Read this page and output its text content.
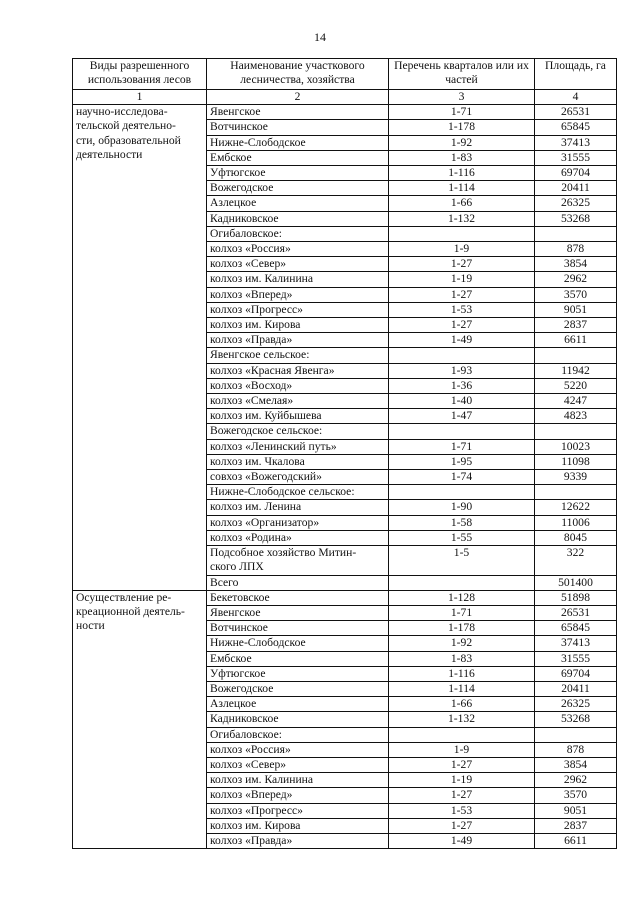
14
Виды разрешенного использования лесов	Наименование участкового лесничества, хозяйства	Перечень кварталов или их частей	Площадь, га
1	2	3	4
научно-исследова-
тельской деятельно-
сти, образовательной
деятельности	Явенгское	1-71	26531
	Вотчинское	1-178	65845
	Нижне-Слободское	1-92	37413
	Ембское	1-83	31555
	Уфтюгское	1-116	69704
	Вожегодское	1-114	20411
	Азлецкое	1-66	26325
	Кадниковское	1-132	53268
	Огибаловское:		
	колхоз «Россия»	1-9	878
	колхоз «Север»	1-27	3854
	колхоз им. Калинина	1-19	2962
	колхоз «Вперед»	1-27	3570
	колхоз «Прогресс»	1-53	9051
	колхоз им. Кирова	1-27	2837
	колхоз «Правда»	1-49	6611
	Явенгское сельское:		
	колхоз «Красная Явенга»	1-93	11942
	колхоз «Восход»	1-36	5220
	колхоз «Смелая»	1-40	4247
	колхоз им. Куйбышева	1-47	4823
	Вожегодское сельское:		
	колхоз «Ленинский путь»	1-71	10023
	колхоз им. Чкалова	1-95	11098
	совхоз «Вожегодский»	1-74	9339
	Нижне-Слободское сельское:		
	колхоз им. Ленина	1-90	12622
	колхоз «Организатор»	1-58	11006
	колхоз «Родина»	1-55	8045
	Подсобное хозяйство Митин-
ского ЛПХ	1-5	322
	Всего		501400
Осуществление ре-
креационной деятель-
ности	Бекетовское	1-128	51898
	Явенгское	1-71	26531
	Вотчинское	1-178	65845
	Нижне-Слободское	1-92	37413
	Ембское	1-83	31555
	Уфтюгское	1-116	69704
	Вожегодское	1-114	20411
	Азлецкое	1-66	26325
	Кадниковское	1-132	53268
	Огибаловское:		
	колхоз «Россия»	1-9	878
	колхоз «Север»	1-27	3854
	колхоз им. Калинина	1-19	2962
	колхоз «Вперед»	1-27	3570
	колхоз «Прогресс»	1-53	9051
	колхоз им. Кирова	1-27	2837
	колхоз «Правда»	1-49	6611
